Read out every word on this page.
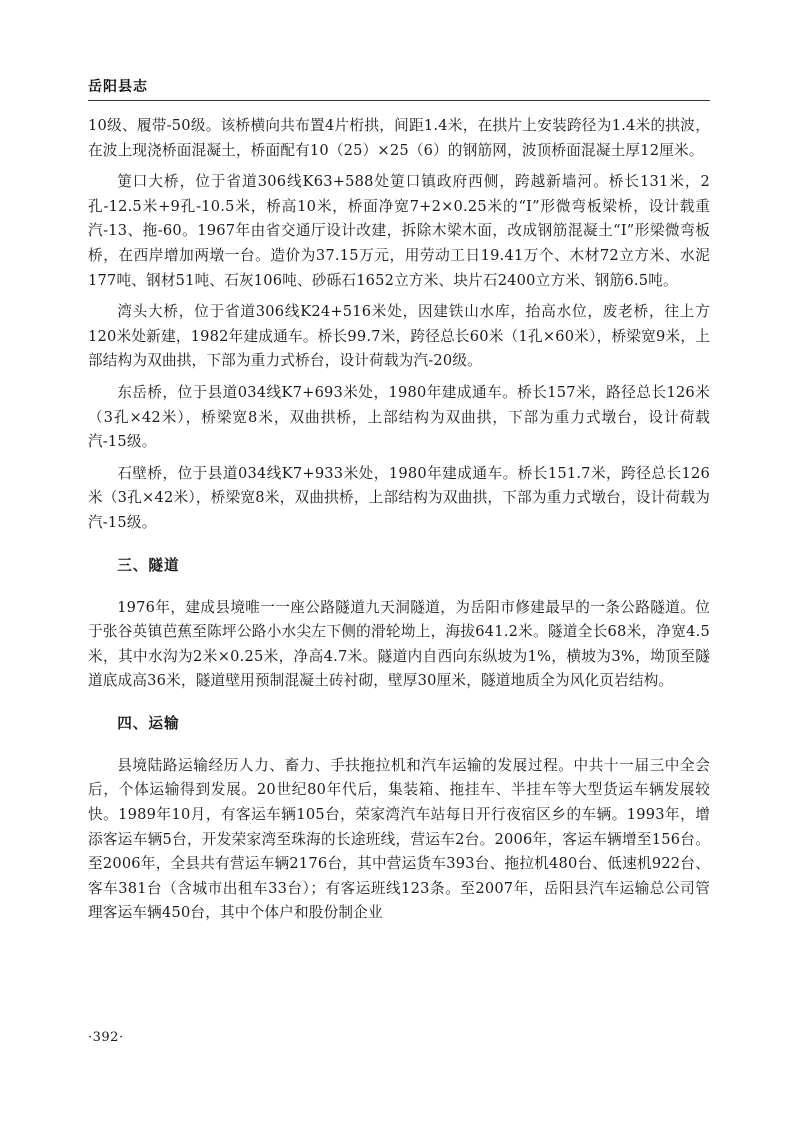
岳阳县志

10级、履带-50级。该桥横向共布置4片桁拱，间距1.4米，在拱片上安装跨径为1.4米的拱波，在波上现浇桥面混凝土，桥面配有10（25）×25（6）的钢筋网，波顶桥面混凝土厚12厘米。

筻口大桥，位于省道306线K63+588处筻口镇政府西侧，跨越新墙河。桥长131米，2孔-12.5米+9孔-10.5米，桥高10米，桥面净宽7+2×0.25米的“I”形微弯板梁桥，设计载重汽-13、拖-60。1967年由省交通厅设计改建，拆除木梁木面，改成钢筋混凝土“I”形梁微弯板桥，在西岸增加两墩一台。造价为37.15万元，用劳动工日19.41万个、木材72立方米、水泥177吨、钢材51吨、石灰106吨、砂砾石1652立方米、块片石2400立方米、钢筋6.5吨。

湾头大桥，位于省道306线K24+516米处，因建铁山水库，抬高水位，废老桥，往上方120米处新建，1982年建成通车。桥长99.7米，跨径总长60米（1孔×60米），桥梁宽9米，上部结构为双曲拱，下部为重力式桥台，设计荷载为汽-20级。

东岳桥，位于县道034线K7+693米处，1980年建成通车。桥长157米，路径总长126米（3孔×42米），桥梁宽8米，双曲拱桥，上部结构为双曲拱，下部为重力式墩台，设计荷载汽-15级。

石壁桥，位于县道034线K7+933米处，1980年建成通车。桥长151.7米，跨径总长126米（3孔×42米），桥梁宽8米，双曲拱桥，上部结构为双曲拱，下部为重力式墩台，设计荷载为汽-15级。

三、隧道

1976年，建成县境唯一一座公路隧道九天洞隧道，为岳阳市修建最早的一条公路隧道。位于张谷英镇芭蕉至陈坪公路小水尖左下侧的滑轮坳上，海拔641.2米。隧道全长68米，净宽4.5米，其中水沟为2米×0.25米，净高4.7米。隧道内自西向东纵坡为1%，横坡为3%，坳顶至隧道底成高36米，隧道壁用预制混凝土砖衬砌，壁厚30厘米，隧道地质全为风化页岩结构。

四、运输

县境陆路运输经历人力、畜力、手扶拖拉机和汽车运输的发展过程。中共十一届三中全会后，个体运输得到发展。20世纪80年代后，集装箱、拖挂车、半挂车等大型货运车辆发展较快。1989年10月，有客运车辆105台，荣家湾汽车站每日开行夜宿区乡的车辆。1993年，增添客运车辆5台，开发荣家湾至珠海的长途班线，营运车2台。2006年，客运车辆增至156台。至2006年，全县共有营运车辆2176台，其中营运货车393台、拖拉机480台、低速机922台、客车381台（含城市出租车33台）；有客运班线123条。至2007年，岳阳县汽车运输总公司管理客运车辆450台，其中个体户和股份制企业

·392·
